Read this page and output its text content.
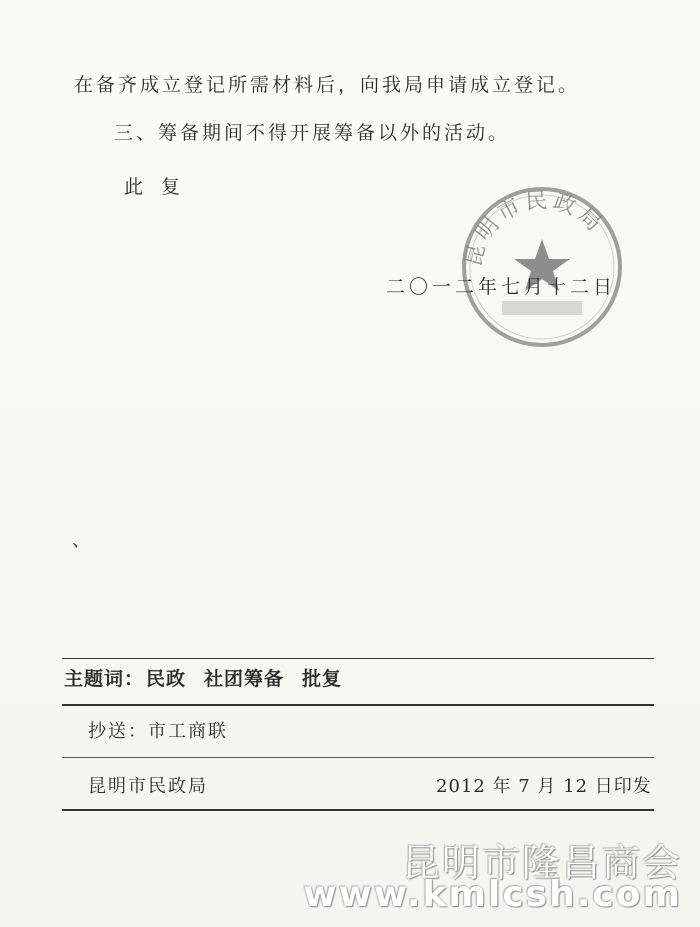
在备齐成立登记所需材料后，向我局申请成立登记。
三、筹备期间不得开展筹备以外的活动。
此 复
昆明市民政局
二〇一二年七月十二日
、
主题词： 民政 社团筹备 批复
抄送：市工商联
昆明市民政局	2012 年 7 月 12 日印发
昆明市隆昌商会
www.kmlcsh.com
